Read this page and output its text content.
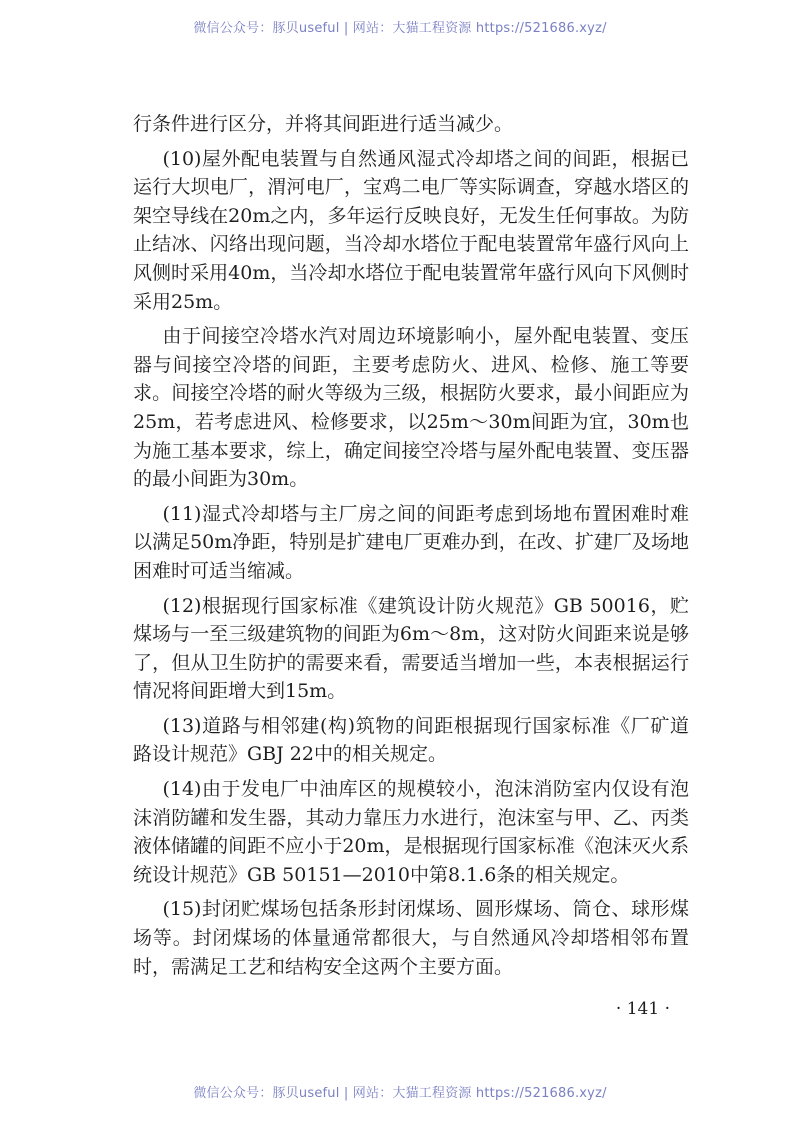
微信公众号：豚贝useful | 网站：大猫工程资源 https://521686.xyz/

行条件进行区分，并将其间距进行适当减少。

(10)屋外配电装置与自然通风湿式冷却塔之间的间距，根据已运行大坝电厂，渭河电厂，宝鸡二电厂等实际调查，穿越水塔区的架空导线在20m之内，多年运行反映良好，无发生任何事故。为防止结冰、闪络出现问题，当冷却水塔位于配电装置常年盛行风向上风侧时采用40m，当冷却水塔位于配电装置常年盛行风向下风侧时采用25m。

由于间接空冷塔水汽对周边环境影响小，屋外配电装置、变压器与间接空冷塔的间距，主要考虑防火、进风、检修、施工等要求。间接空冷塔的耐火等级为三级，根据防火要求，最小间距应为25m，若考虑进风、检修要求，以25m～30m间距为宜，30m也为施工基本要求，综上，确定间接空冷塔与屋外配电装置、变压器的最小间距为30m。

(11)湿式冷却塔与主厂房之间的间距考虑到场地布置困难时难以满足50m净距，特别是扩建电厂更难办到，在改、扩建厂及场地困难时可适当缩减。

(12)根据现行国家标准《建筑设计防火规范》GB 50016，贮煤场与一至三级建筑物的间距为6m～8m，这对防火间距来说是够了，但从卫生防护的需要来看，需要适当增加一些，本表根据运行情况将间距增大到15m。

(13)道路与相邻建(构)筑物的间距根据现行国家标准《厂矿道路设计规范》GBJ 22中的相关规定。

(14)由于发电厂中油库区的规模较小，泡沫消防室内仅设有泡沫消防罐和发生器，其动力靠压力水进行，泡沫室与甲、乙、丙类液体储罐的间距不应小于20m，是根据现行国家标准《泡沫灭火系统设计规范》GB 50151—2010中第8.1.6条的相关规定。

(15)封闭贮煤场包括条形封闭煤场、圆形煤场、筒仓、球形煤场等。封闭煤场的体量通常都很大，与自然通风冷却塔相邻布置时，需满足工艺和结构安全这两个主要方面。

· 141 ·
微信公众号：豚贝useful | 网站：大猫工程资源 https://521686.xyz/
